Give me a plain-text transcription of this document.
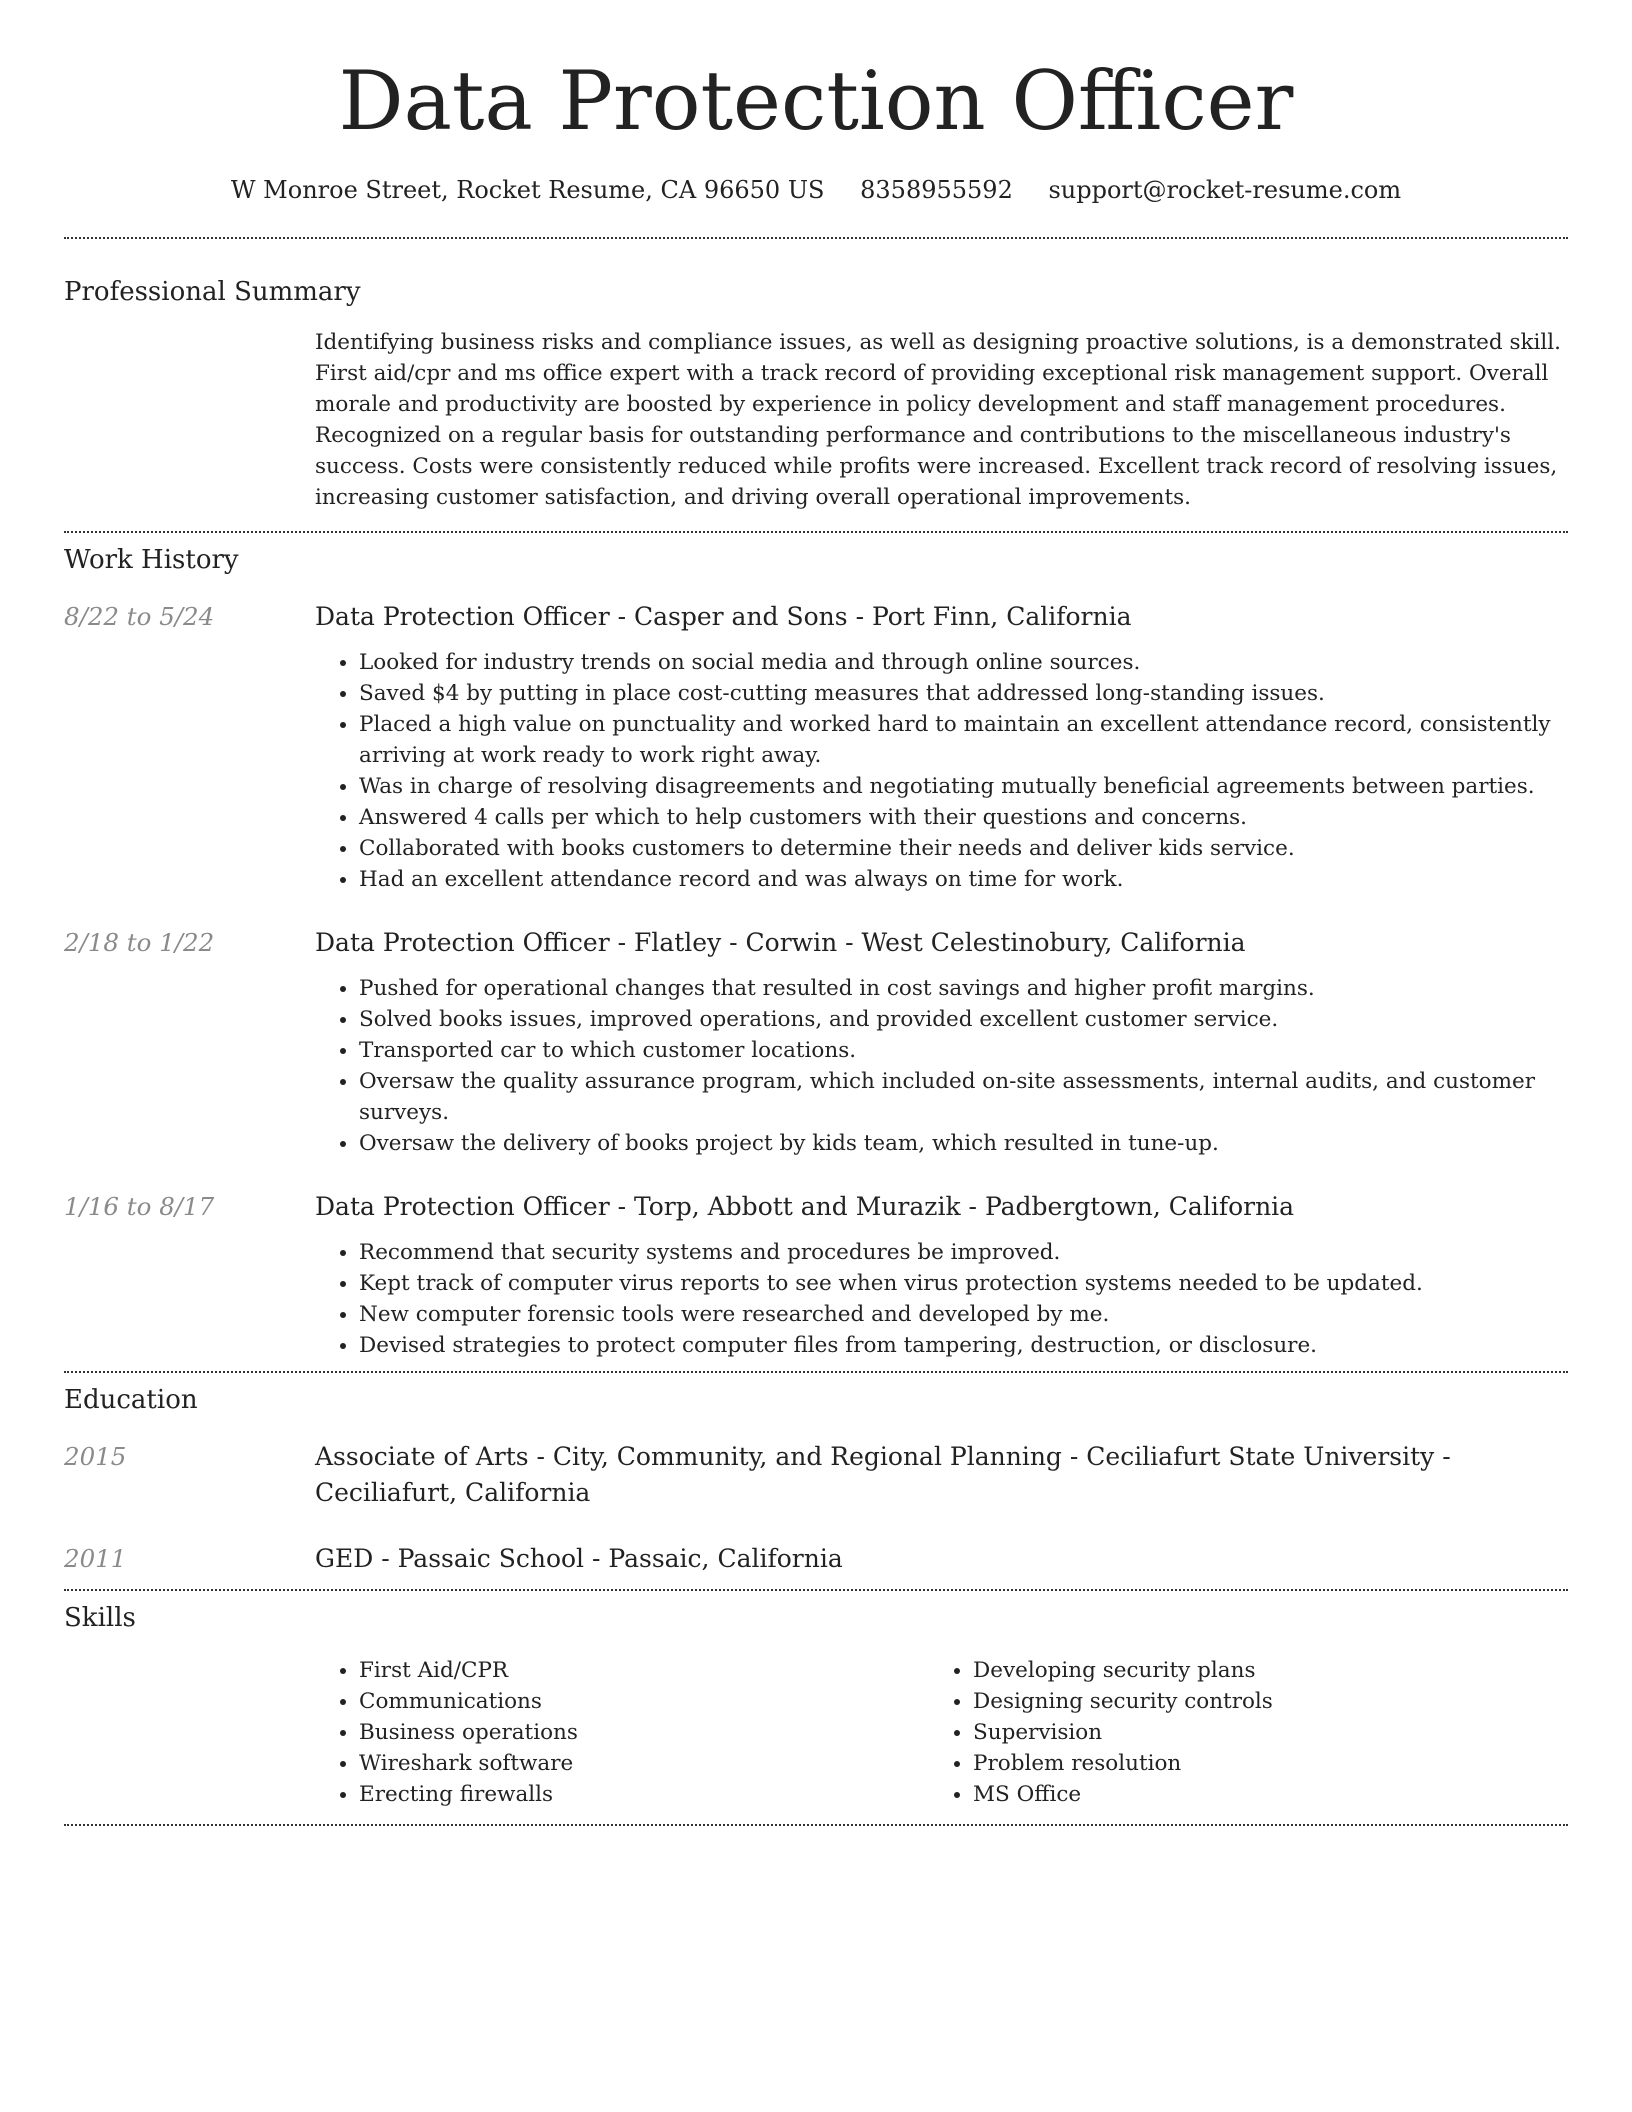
Data Protection Officer
W Monroe Street, Rocket Resume, CA 96650 US 8358955592 support@rocket-resume.com
Professional Summary

Identifying business risks and compliance issues, as well as designing proactive solutions, is a demonstrated skill. First aid/cpr and ms office expert with a track record of providing exceptional risk management support. Overall morale and productivity are boosted by experience in policy development and staff management procedures. Recognized on a regular basis for outstanding performance and contributions to the miscellaneous industry's success. Costs were consistently reduced while profits were increased. Excellent track record of resolving issues, increasing customer satisfaction, and driving overall operational improvements.

Work History
8/22 to 5/24	Data Protection Officer - Casper and Sons - Port Finn, California
• Looked for industry trends on social media and through online sources.
• Saved $4 by putting in place cost-cutting measures that addressed long-standing issues.
• Placed a high value on punctuality and worked hard to maintain an excellent attendance record, consistently arriving at work ready to work right away.
• Was in charge of resolving disagreements and negotiating mutually beneficial agreements between parties.
• Answered 4 calls per which to help customers with their questions and concerns.
• Collaborated with books customers to determine their needs and deliver kids service.
• Had an excellent attendance record and was always on time for work.
2/18 to 1/22	Data Protection Officer - Flatley - Corwin - West Celestinobury, California
• Pushed for operational changes that resulted in cost savings and higher profit margins.
• Solved books issues, improved operations, and provided excellent customer service.
• Transported car to which customer locations.
• Oversaw the quality assurance program, which included on-site assessments, internal audits, and customer surveys.
• Oversaw the delivery of books project by kids team, which resulted in tune-up.
1/16 to 8/17	Data Protection Officer - Torp, Abbott and Murazik - Padbergtown, California
• Recommend that security systems and procedures be improved.
• Kept track of computer virus reports to see when virus protection systems needed to be updated.
• New computer forensic tools were researched and developed by me.
• Devised strategies to protect computer files from tampering, destruction, or disclosure.
Education
2015	Associate of Arts - City, Community, and Regional Planning - Ceciliafurt State University - Ceciliafurt, California
2011	GED - Passaic School - Passaic, California
Skills
• First Aid/CPR
• Communications
• Business operations
• Wireshark software
• Erecting firewalls
• Developing security plans
• Designing security controls
• Supervision
• Problem resolution
• MS Office
